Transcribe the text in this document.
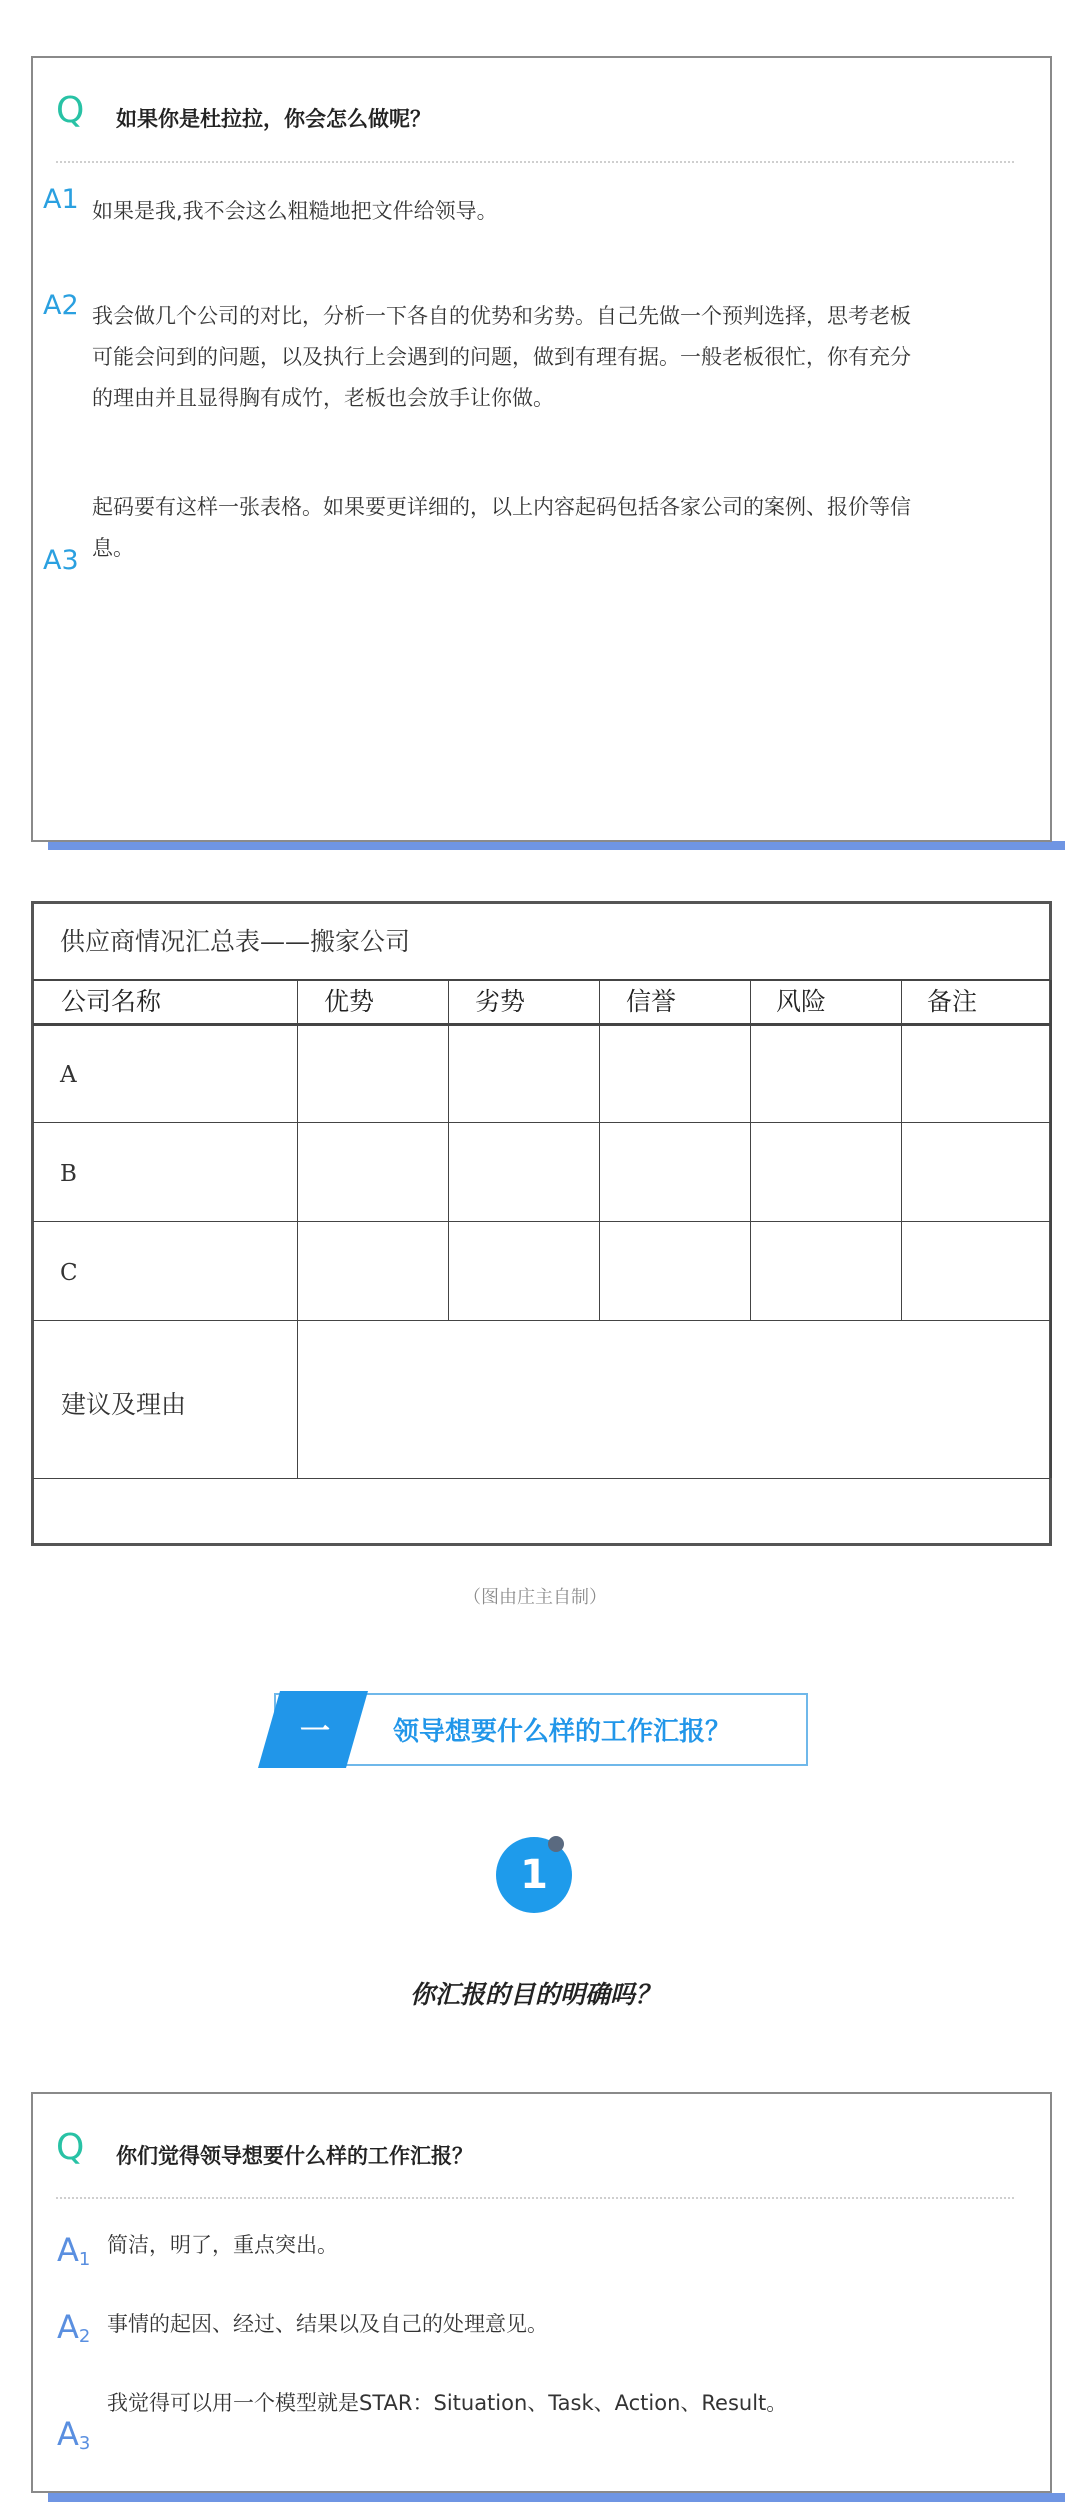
Q 如果你是杜拉拉，你会怎么做呢？
A1 如果是我,我不会这么粗糙地把文件给领导。
A2 我会做几个公司的对比，分析一下各自的优势和劣势。自己先做一个预判选择，思考老板
可能会问到的问题，以及执行上会遇到的问题，做到有理有据。一般老板很忙，你有充分
的理由并且显得胸有成竹，老板也会放手让你做。
A3
起码要有这样一张表格。如果要更详细的，以上内容起码包括各家公司的案例、报价等信
息。
供应商情况汇总表——搬家公司
公司名称	优势	劣势	信誉	风险	备注
A
B
C
建议及理由
（图由庄主自制）
一 领导想要什么样的工作汇报？
1
你汇报的目的明确吗？
Q 你们觉得领导想要什么样的工作汇报？
$A_1$
简洁，明了，重点突出。
$A_2$
事情的起因、经过、结果以及自己的处理意见。
$A_3$
我觉得可以用一个模型就是STAR：Situation、Task、Action、Result。
